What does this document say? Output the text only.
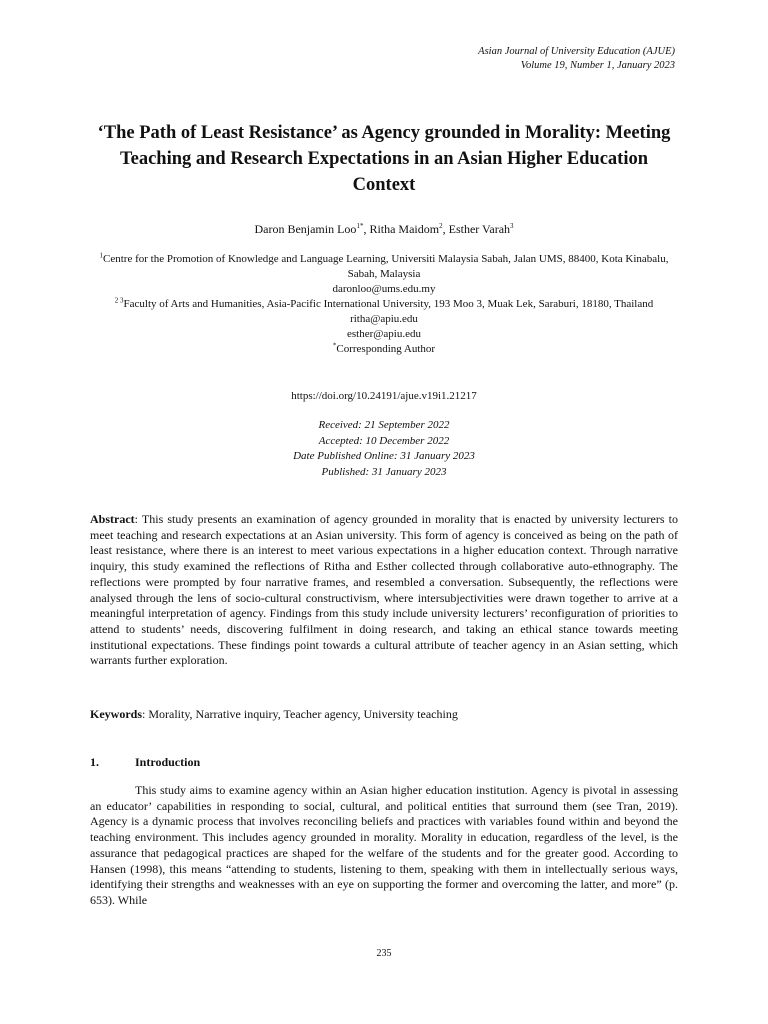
Asian Journal of University Education (AJUE)
Volume 19, Number 1, January 2023
‘The Path of Least Resistance’ as Agency grounded in Morality: Meeting Teaching and Research Expectations in an Asian Higher Education Context
Daron Benjamin Loo$^{1*}$, Ritha Maidom$^2$, Esther Varah$^3$
$^1$Centre for the Promotion of Knowledge and Language Learning, Universiti Malaysia Sabah, Jalan UMS, 88400, Kota Kinabalu, Sabah, Malaysia
daronloo@ums.edu.my
$^{2 3}$Faculty of Arts and Humanities, Asia-Pacific International University, 193 Moo 3, Muak Lek, Saraburi, 18180, Thailand
ritha@apiu.edu
esther@apiu.edu
*Corresponding Author
https://doi.org/10.24191/ajue.v19i1.21217
Received: 21 September 2022
Accepted: 10 December 2022
Date Published Online: 31 January 2023
Published: 31 January 2023
Abstract: This study presents an examination of agency grounded in morality that is enacted by university lecturers to meet teaching and research expectations at an Asian university. This form of agency is conceived as being on the path of least resistance, where there is an interest to meet various expectations in a higher education context. Through narrative inquiry, this study examined the reflections of Ritha and Esther collected through collaborative auto-ethnography. The reflections were prompted by four narrative frames, and resembled a conversation. Subsequently, the reflections were analysed through the lens of socio-cultural constructivism, where intersubjectivities were drawn together to arrive at a meaningful interpretation of agency. Findings from this study include university lecturers’ reconfiguration of priorities to attend to students’ needs, discovering fulfilment in doing research, and taking an ethical stance towards meeting institutional expectations. These findings point towards a cultural attribute of teacher agency in an Asian setting, which warrants further exploration.
Keywords: Morality, Narrative inquiry, Teacher agency, University teaching
1.	Introduction
This study aims to examine agency within an Asian higher education institution. Agency is pivotal in assessing an educator’ capabilities in responding to social, cultural, and political entities that surround them (see Tran, 2019). Agency is a dynamic process that involves reconciling beliefs and practices with variables found within and beyond the teaching environment. This includes agency grounded in morality. Morality in education, regardless of the level, is the assurance that pedagogical practices are shaped for the welfare of the students and for the greater good. According to Hansen (1998), this means “attending to students, listening to them, speaking with them in intellectually serious ways, identifying their strengths and weaknesses with an eye on supporting the former and overcoming the latter, and more” (p. 653). While
235
